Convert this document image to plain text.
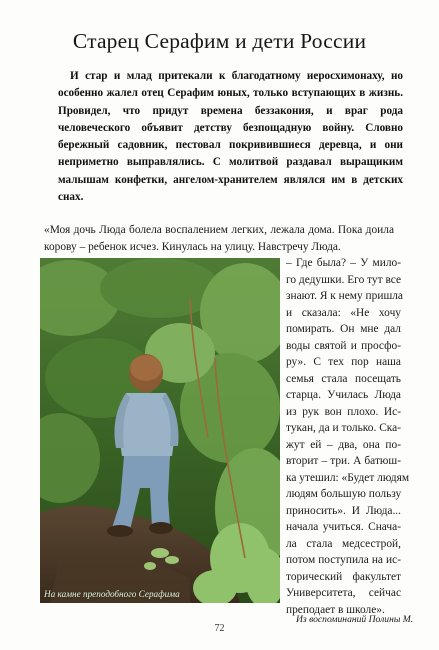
Старец Серафим и дети России

И стар и млад притекали к благодатному иеросхимонаху, но особенно жалел отец Серафим юных, только вступающих в жизнь. Провидел, что придут времена беззакония, и враг рода человеческого объявит детству безпощадную войну. Словно бережный садовник, пестовал покривившиеся деревца, и они неприметно выправлялись. С молитвой раздавал выращиким малышам конфетки, ангелом-хранителем являлся им в детских снах.

«Моя дочь Люда болела воспалением легких, лежала дома. Пока доила корову – ребенок исчез. Кинулась на улицу. Навстречу Люда.
На камне преподобного Серафима
– Где была? – У мило-
го дедушки. Его тут все
знают. Я к нему пришла
и сказала: «Не хочу
помирать. Он мне дал
воды святой и просфо-
ру». С тех пор наша
семья стала посещать
старца. Училась Люда
из рук вон плохо. Ис-
тукан, да и только. Ска-
жут ей – два, она по-
вторит – три. А батюш-
ка утешил: «Будет людям
людям большую пользу
приносить». И Люда...
начала учиться. Снача-
ла стала медсестрой,
потом поступила на ис-
торический факультет
Университета, сейчас
преподает в школе».
Из воспоминаний Полины М.
72
